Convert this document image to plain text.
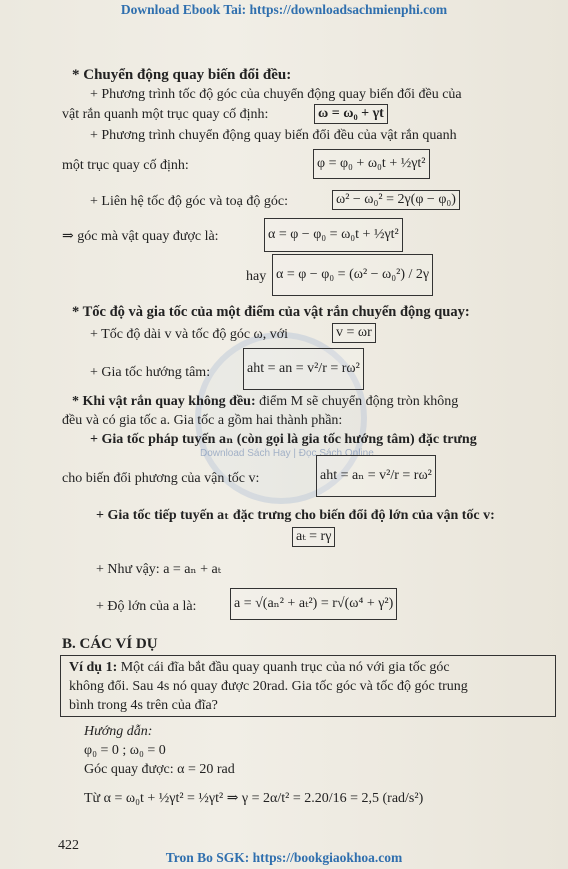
Download Ebook Tai: https://downloadsachmienphi.com
Download Sách Hay | Đọc Sách Online
* Chuyển động quay biến đổi đều:
+ Phương trình tốc độ góc của chuyển động quay biến đổi đều của
vật rắn quanh một trục quay cố định:	ω = ω₀ + γt
+ Phương trình chuyển động quay biến đổi đều của vật rắn quanh
một trục quay cố định:	φ = φ₀ + ω₀t + ½γt²
+ Liên hệ tốc độ góc và toạ độ góc:	ω² − ω₀² = 2γ(φ − φ₀)
⇒ góc mà vật quay được là:	α = φ − φ₀ = ω₀t + ½γt²
hay α = φ − φ₀ = (ω² − ω₀²) / 2γ
* Tốc độ và gia tốc của một điểm của vật rắn chuyển động quay:
+ Tốc độ dài v và tốc độ góc ω, với	v = ωr
+ Gia tốc hướng tâm:	aht = an = v²/r = rω²
* Khi vật rắn quay không đều: điểm M sẽ chuyển động tròn không
đều và có gia tốc a. Gia tốc a gồm hai thành phần:
+ Gia tốc pháp tuyến aₙ (còn gọi là gia tốc hướng tâm) đặc trưng
cho biến đổi phương của vận tốc v:	aht = aₙ = v²/r = rω²
+ Gia tốc tiếp tuyến aₜ đặc trưng cho biến đổi độ lớn của vận tốc v:
aₜ = rγ
+ Như vậy: a = aₙ + aₜ
+ Độ lớn của a là:	a = √(aₙ² + aₜ²) = r√(ω⁴ + γ²)
B. CÁC VÍ DỤ
Ví dụ 1: Một cái đĩa bắt đầu quay quanh trục của nó với gia tốc góc
không đổi. Sau 4s nó quay được 20rad. Gia tốc góc và tốc độ góc trung
bình trong 4s trên của đĩa?
Hướng dẫn:
φ₀ = 0 ; ω₀ = 0
Góc quay được: α = 20 rad
Từ α = ω₀t + ½γt² = ½γt² ⇒ γ = 2α/t² = 2.20/16 = 2,5 (rad/s²)
422
Tron Bo SGK: https://bookgiaokhoa.com
